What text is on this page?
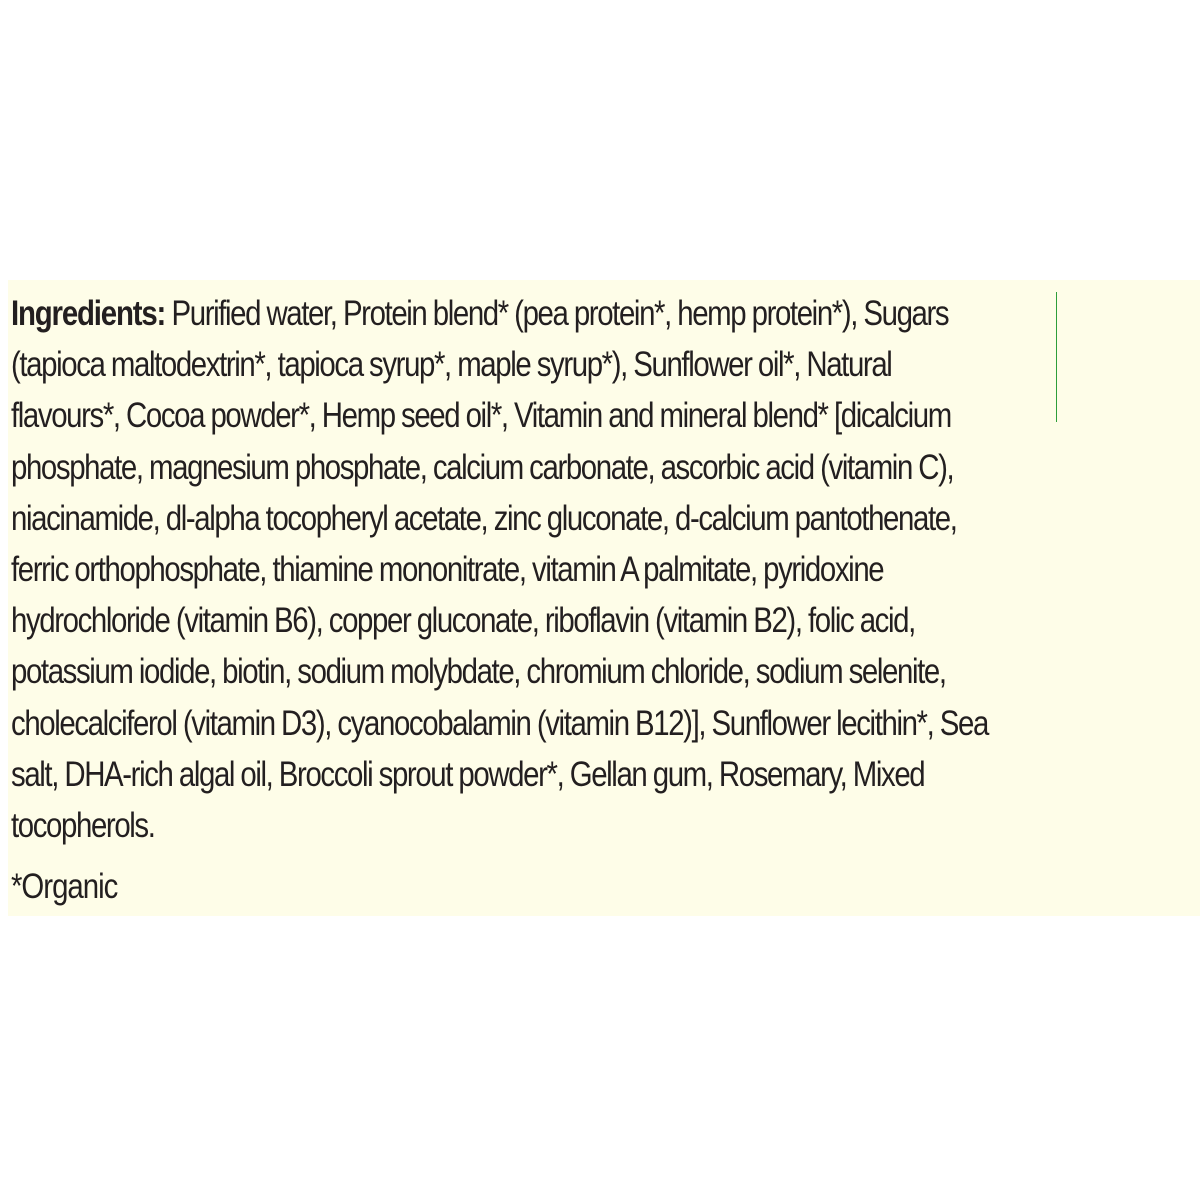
Ingredients: Purified water, Protein blend* (pea protein*, hemp protein*), Sugars
(tapioca maltodextrin*, tapioca syrup*, maple syrup*), Sunflower oil*, Natural
flavours*, Cocoa powder*, Hemp seed oil*, Vitamin and mineral blend* [dicalcium
phosphate, magnesium phosphate, calcium carbonate, ascorbic acid (vitamin C),
niacinamide, dl-alpha tocopheryl acetate, zinc gluconate, d-calcium pantothenate,
ferric orthophosphate, thiamine mononitrate, vitamin A palmitate, pyridoxine
hydrochloride (vitamin B6), copper gluconate, riboflavin (vitamin B2), folic acid,
potassium iodide, biotin, sodium molybdate, chromium chloride, sodium selenite,
cholecalciferol (vitamin D3), cyanocobalamin (vitamin B12)], Sunflower lecithin*, Sea
salt, DHA-rich algal oil, Broccoli sprout powder*, Gellan gum, Rosemary, Mixed
tocopherols.

*Organic
